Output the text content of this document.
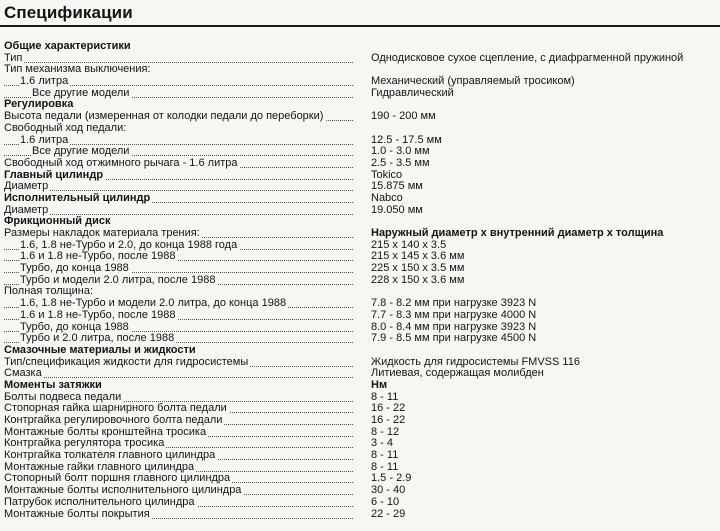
Спецификации
Общие характеристики
Тип	Однодисковое сухое сцепление, с диафрагменной пружиной
Тип механизма выключения:
1.6 литра	Механический (управляемый тросиком)
Все другие модели	Гидравлический
Регулировка
Высота педали (измеренная от колодки педали до переборки)	190 - 200 мм
Свободный ход педали:
1.6 литра	12.5 - 17.5 мм
Все другие модели	1.0 - 3.0 мм
Свободный ход отжимного рычага - 1.6 литра	2.5 - 3.5 мм
Главный цилиндр	Tokico
Диаметр	15.875 мм
Исполнительный цилиндр	Nabco
Диаметр	19.050 мм
Фрикционный диск
Размеры накладок материала трения:	Наружный диаметр x внутренний диаметр x толщина
1.6, 1.8 не-Турбо и 2.0, до конца 1988 года	215 x 140 x 3.5
1.6 и 1.8 не-Турбо, после 1988	215 x 145 x 3.6 мм
Турбо, до конца 1988	225 x 150 x 3.5 мм
Турбо и модели 2.0 литра, после 1988	228 x 150 x 3.6 мм
Полная толщина:
1.6, 1.8 не-Турбо и модели 2.0 литра, до конца 1988	7.8 - 8.2 мм при нагрузке 3923 N
1.6 и 1.8 не-Турбо, после 1988	7.7 - 8.3 мм при нагрузке 4000 N
Турбо, до конца 1988	8.0 - 8.4 мм при нагрузке 3923 N
Турбо и 2.0 литра, после 1988	7.9 - 8.5 мм при нагрузке 4500 N
Смазочные материалы и жидкости
Тип/спецификация жидкости для гидросистемы	Жидкость для гидросистемы FMVSS 116
Смазка	Литиевая, содержащая молибден
Моменты затяжки	Нм
Болты подвеса педали	8 - 11
Стопорная гайка шарнирного болта педали	16 - 22
Контргайка регулировочного болта педали	16 - 22
Монтажные болты кронштейна тросика	8 - 12
Контргайка регулятора тросика	3 - 4
Контргайка толкателя главного цилиндра	8 - 11
Монтажные гайки главного цилиндра	8 - 11
Стопорный болт поршня главного цилиндра	1.5 - 2.9
Монтажные болты исполнительного цилиндра	30 - 40
Патрубок исполнительного цилиндра	6 - 10
Монтажные болты покрытия	22 - 29
